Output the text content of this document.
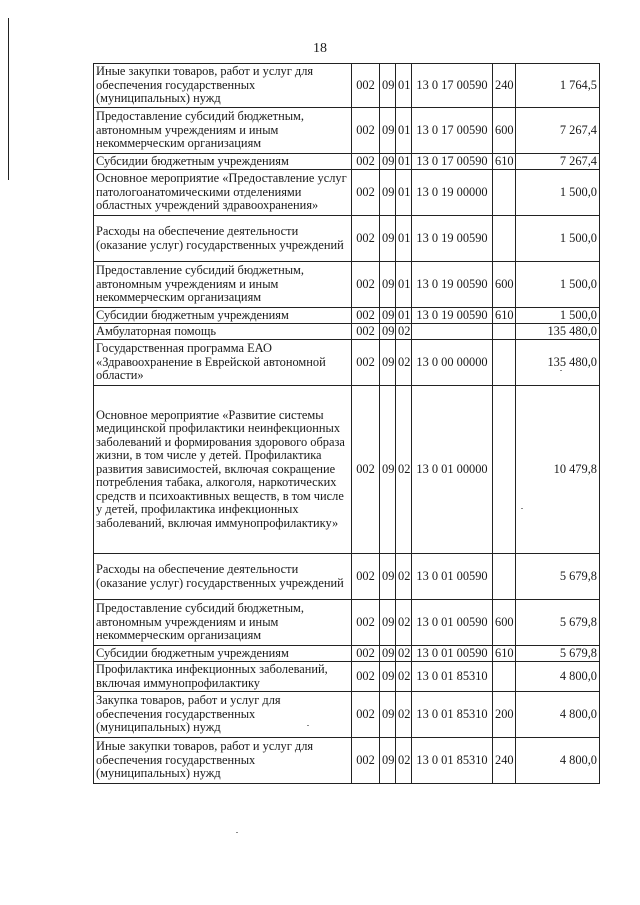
18
Иные закупки товаров, работ и услуг для обеспечения государственных (муниципальных) нужд	002	09	01	13 0 17 00590	240	1 764,5
Предоставление субсидий бюджетным, автономным учреждениям и иным некоммерческим организациям	002	09	01	13 0 17 00590	600	7 267,4
Субсидии бюджетным учреждениям	002	09	01	13 0 17 00590	610	7 267,4
Основное мероприятие «Предоставление услуг патологоанатомическими отделениями областных учреждений здравоохранения»	002	09	01	13 0 19 00000		1 500,0
Расходы на обеспечение деятельности (оказание услуг) государственных учреждений	002	09	01	13 0 19 00590		1 500,0
Предоставление субсидий бюджетным, автономным учреждениям и иным некоммерческим организациям	002	09	01	13 0 19 00590	600	1 500,0
Субсидии бюджетным учреждениям	002	09	01	13 0 19 00590	610	1 500,0
Амбулаторная помощь	002	09	02			135 480,0
Государственная программа ЕАО «Здравоохранение в Еврейской автономной области»	002	09	02	13 0 00 00000		135 480,0
Основное мероприятие «Развитие системы медицинской профилактики неинфекционных заболеваний и формирования здорового образа жизни, в том числе у детей. Профилактика развития зависимостей, включая сокращение потребления табака, алкоголя, наркотических средств и психоактивных веществ, в том числе у детей, профилактика инфекционных заболеваний, включая иммунопрофилактику»	002	09	02	13 0 01 00000		10 479,8
Расходы на обеспечение деятельности (оказание услуг) государственных учреждений	002	09	02	13 0 01 00590		5 679,8
Предоставление субсидий бюджетным, автономным учреждениям и иным некоммерческим организациям	002	09	02	13 0 01 00590	600	5 679,8
Субсидии бюджетным учреждениям	002	09	02	13 0 01 00590	610	5 679,8
Профилактика инфекционных заболеваний, включая иммунопрофилактику	002	09	02	13 0 01 85310		4 800,0
Закупка товаров, работ и услуг для обеспечения государственных (муниципальных) нужд	002	09	02	13 0 01 85310	200	4 800,0
Иные закупки товаров, работ и услуг для обеспечения государственных (муниципальных) нужд	002	09	02	13 0 01 85310	240	4 800,0
